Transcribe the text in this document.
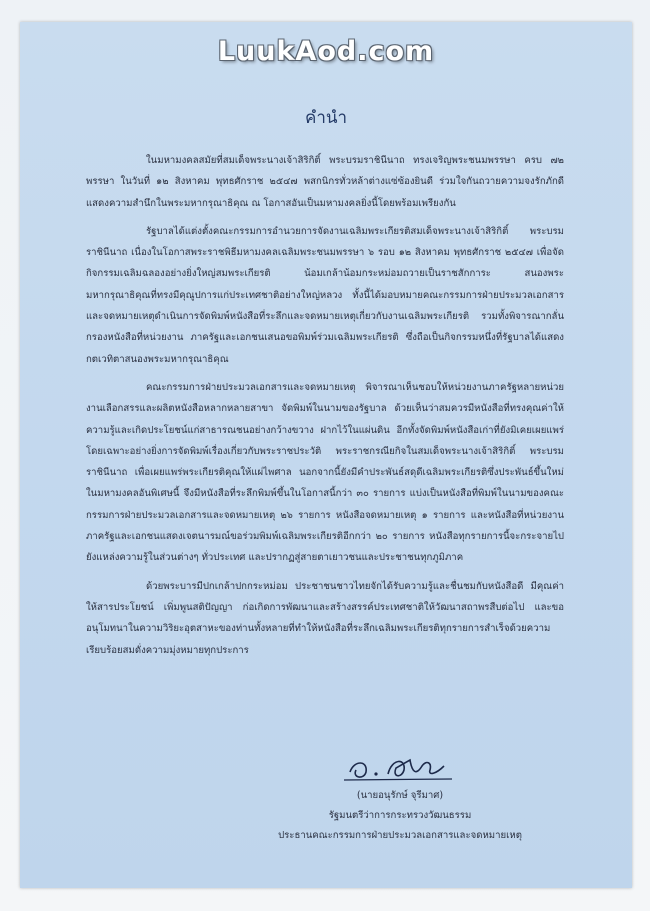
LuukAod.com
คำนำ

ในมหามงคลสมัยที่สมเด็จพระนางเจ้าสิริกิติ์ พระบรมราชินีนาถ ทรงเจริญพระชนมพรรษา ครบ ๗๒ พรรษา ในวันที่ ๑๒ สิงหาคม พุทธศักราช ๒๕๔๗ พสกนิกรทั่วหล้าต่างแซ่ซ้องยินดี ร่วมใจกันถวายความจงรักภักดี แสดงความสำนึกในพระมหากรุณาธิคุณ ณ โอกาสอันเป็นมหามงคลยิ่งนี้โดยพร้อมเพรียงกัน

รัฐบาลได้แต่งตั้งคณะกรรมการอำนวยการจัดงานเฉลิมพระเกียรติสมเด็จพระนางเจ้าสิริกิติ์ พระบรมราชินีนาถ เนื่องในโอกาสพระราชพิธีมหามงคลเฉลิมพระชนมพรรษา ๖ รอบ ๑๒ สิงหาคม พุทธศักราช ๒๕๔๗ เพื่อจัดกิจกรรมเฉลิมฉลองอย่างยิ่งใหญ่สมพระเกียรติ น้อมเกล้าน้อมกระหม่อมถวายเป็นราชสักการะ สนองพระมหากรุณาธิคุณที่ทรงมีคุณูปการแก่ประเทศชาติอย่างใหญ่หลวง ทั้งนี้ได้มอบหมายคณะกรรมการฝ่ายประมวลเอกสารและจดหมายเหตุดำเนินการจัดพิมพ์หนังสือที่ระลึกและจดหมายเหตุเกี่ยวกับงานเฉลิมพระเกียรติ รวมทั้งพิจารณากลั่นกรองหนังสือที่หน่วยงาน ภาครัฐและเอกชนเสนอขอพิมพ์ร่วมเฉลิมพระเกียรติ ซึ่งถือเป็นกิจกรรมหนึ่งที่รัฐบาลได้แสดงกตเวทิตาสนองพระมหากรุณาธิคุณ

คณะกรรมการฝ่ายประมวลเอกสารและจดหมายเหตุ พิจารณาเห็นชอบให้หน่วยงานภาครัฐหลายหน่วยงานเลือกสรรและผลิตหนังสือหลากหลายสาขา จัดพิมพ์ในนามของรัฐบาล ด้วยเห็นว่าสมควรมีหนังสือที่ทรงคุณค่าให้ความรู้และเกิดประโยชน์แก่สาธารณชนอย่างกว้างขวาง ฝากไว้ในแผ่นดิน อีกทั้งจัดพิมพ์หนังสือเก่าที่ยังมิเคยเผยแพร่ โดยเฉพาะอย่างยิ่งการจัดพิมพ์เรื่องเกี่ยวกับพระราชประวัติ พระราชกรณียกิจในสมเด็จพระนางเจ้าสิริกิติ์ พระบรมราชินีนาถ เพื่อเผยแพร่พระเกียรติคุณให้แผ่ไพศาล นอกจากนี้ยังมีคำประพันธ์สดุดีเฉลิมพระเกียรติซึ่งประพันธ์ขึ้นใหม่ในมหามงคลอันพิเศษนี้ จึงมีหนังสือที่ระลึกพิมพ์ขึ้นในโอกาสนี้กว่า ๓๐ รายการ แบ่งเป็นหนังสือที่พิมพ์ในนามของคณะกรรมการฝ่ายประมวลเอกสารและจดหมายเหตุ ๒๖ รายการ หนังสือจดหมายเหตุ ๑ รายการ และหนังสือที่หน่วยงานภาครัฐและเอกชนแสดงเจตนารมณ์ขอร่วมพิมพ์เฉลิมพระเกียรติอีกกว่า ๒๐ รายการ หนังสือทุกรายการนี้จะกระจายไปยังแหล่งความรู้ในส่วนต่างๆ ทั่วประเทศ และปรากฏสู่สายตาเยาวชนและประชาชนทุกภูมิภาค

ด้วยพระบารมีปกเกล้าปกกระหม่อม ประชาชนชาวไทยจักได้รับความรู้และชื่นชมกับหนังสือดี มีคุณค่าให้สารประโยชน์ เพิ่มพูนสติปัญญา ก่อเกิดการพัฒนาและสร้างสรรค์ประเทศชาติให้วัฒนาสถาพรสืบต่อไป และขออนุโมทนาในความวิริยะอุตสาหะของท่านทั้งหลายที่ทำให้หนังสือที่ระลึกเฉลิมพระเกียรติทุกรายการสำเร็จด้วยความเรียบร้อยสมดั่งความมุ่งหมายทุกประการ

(นายอนุรักษ์ จุรีมาศ)
รัฐมนตรีว่าการกระทรวงวัฒนธรรม
ประธานคณะกรรมการฝ่ายประมวลเอกสารและจดหมายเหตุ
